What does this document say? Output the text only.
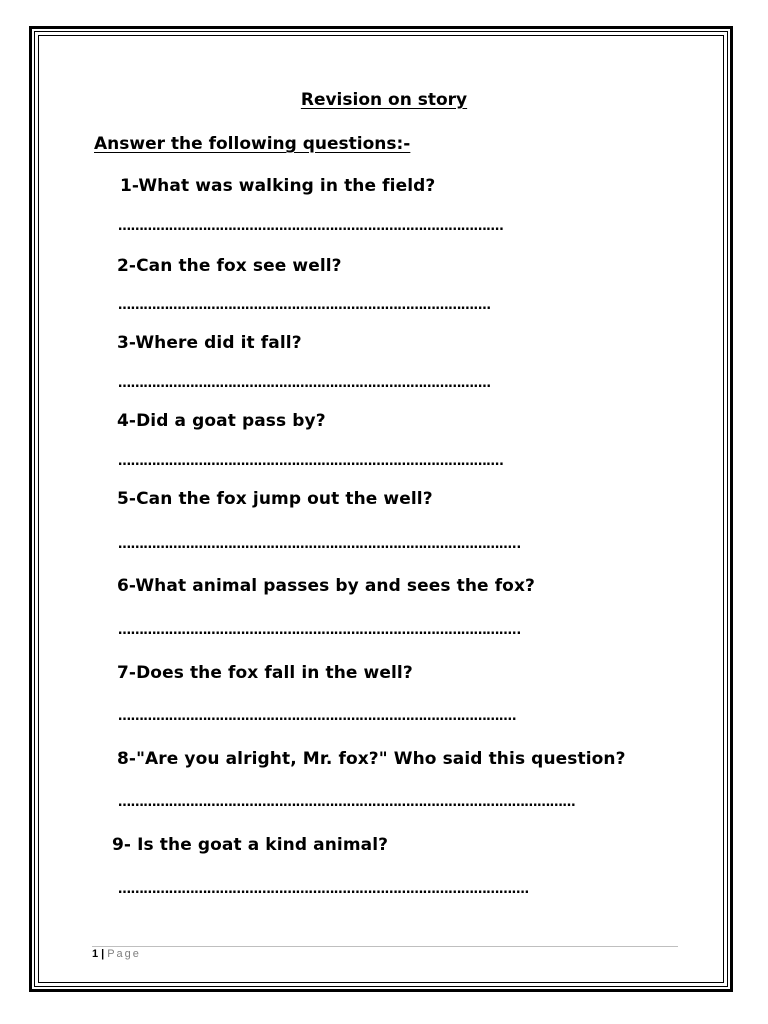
Revision on story
Answer the following questions:-
1-What was walking in the field?
……………………………………………………………………………….
2-Can the fox see well?
…………………………………………………………………………….
3-Where did it fall?
…………………………………………………………………………….
4-Did a goat pass by?
……………………………………………………………………………….
5-Can the fox jump out the well?
…………………………………………………………………………………..
6-What animal passes by and sees the fox?
…………………………………………………………………………………..
7-Does the fox fall in the well?
………………………………………………………………………………….
8-"Are you alright, Mr. fox?" Who said this question?
………………………………………………………………………………………………
9- Is the goat a kind animal?
…………………………………………………………………………………….
1 | Page
